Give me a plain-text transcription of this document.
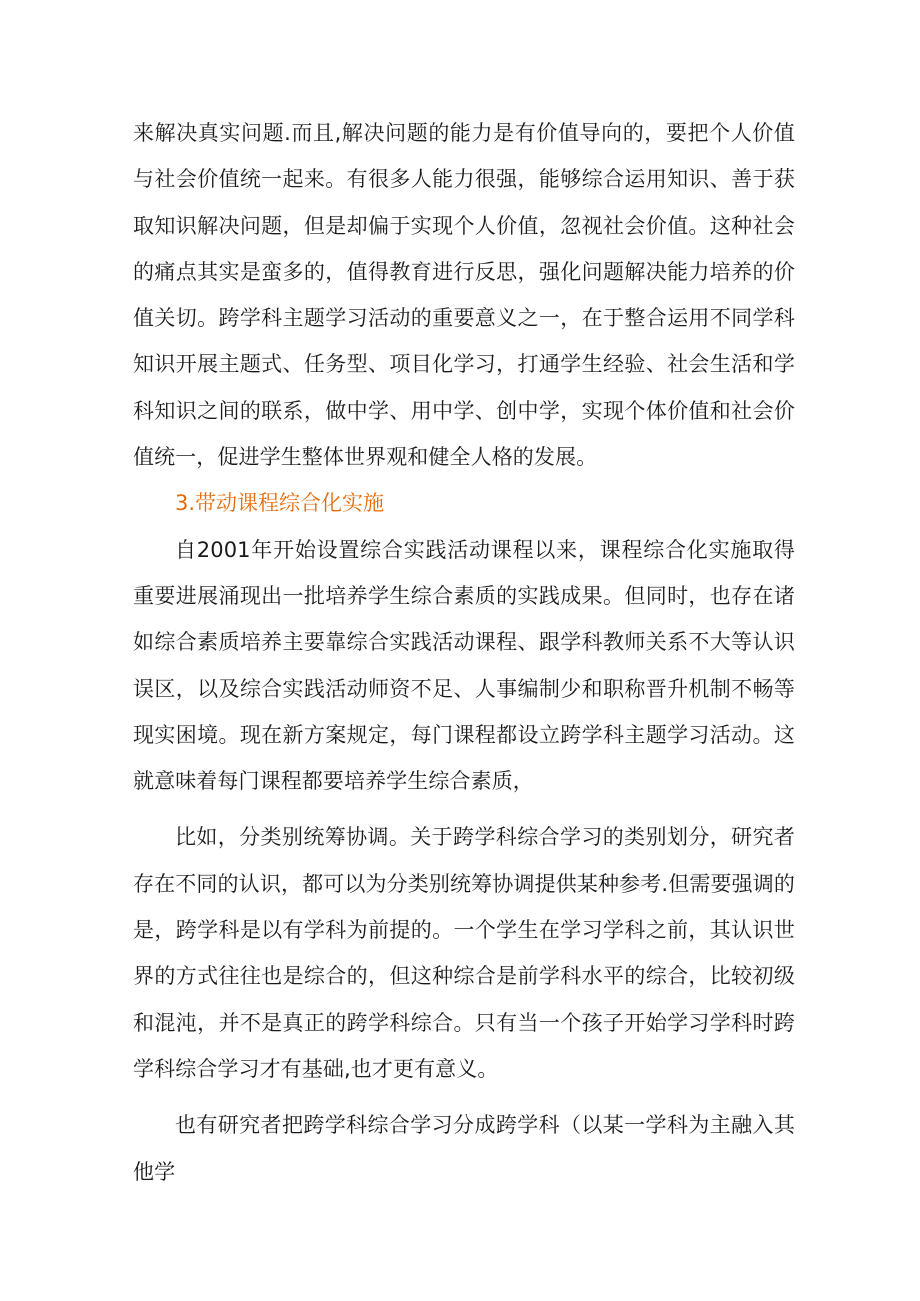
来解决真实问题.而且,解决问题的能力是有价值导向的，要把个人价值与社会价值统一起来。有很多人能力很强，能够综合运用知识、善于获取知识解决问题，但是却偏于实现个人价值，忽视社会价值。这种社会的痛点其实是蛮多的，值得教育进行反思，强化问题解决能力培养的价值关切。跨学科主题学习活动的重要意义之一，在于整合运用不同学科知识开展主题式、任务型、项目化学习，打通学生经验、社会生活和学科知识之间的联系，做中学、用中学、创中学，实现个体价值和社会价值统一，促进学生整体世界观和健全人格的发展。

3.带动课程综合化实施

自2001年开始设置综合实践活动课程以来，课程综合化实施取得重要进展涌现出一批培养学生综合素质的实践成果。但同时，也存在诸如综合素质培养主要靠综合实践活动课程、跟学科教师关系不大等认识误区，以及综合实践活动师资不足、人事编制少和职称晋升机制不畅等现实困境。现在新方案规定，每门课程都设立跨学科主题学习活动。这就意味着每门课程都要培养学生综合素质，

比如，分类别统筹协调。关于跨学科综合学习的类别划分，研究者存在不同的认识，都可以为分类别统筹协调提供某种参考.但需要强调的是，跨学科是以有学科为前提的。一个学生在学习学科之前，其认识世界的方式往往也是综合的，但这种综合是前学科水平的综合，比较初级和混沌，并不是真正的跨学科综合。只有当一个孩子开始学习学科时跨学科综合学习才有基础,也才更有意义。

也有研究者把跨学科综合学习分成跨学科（以某一学科为主融入其他学
